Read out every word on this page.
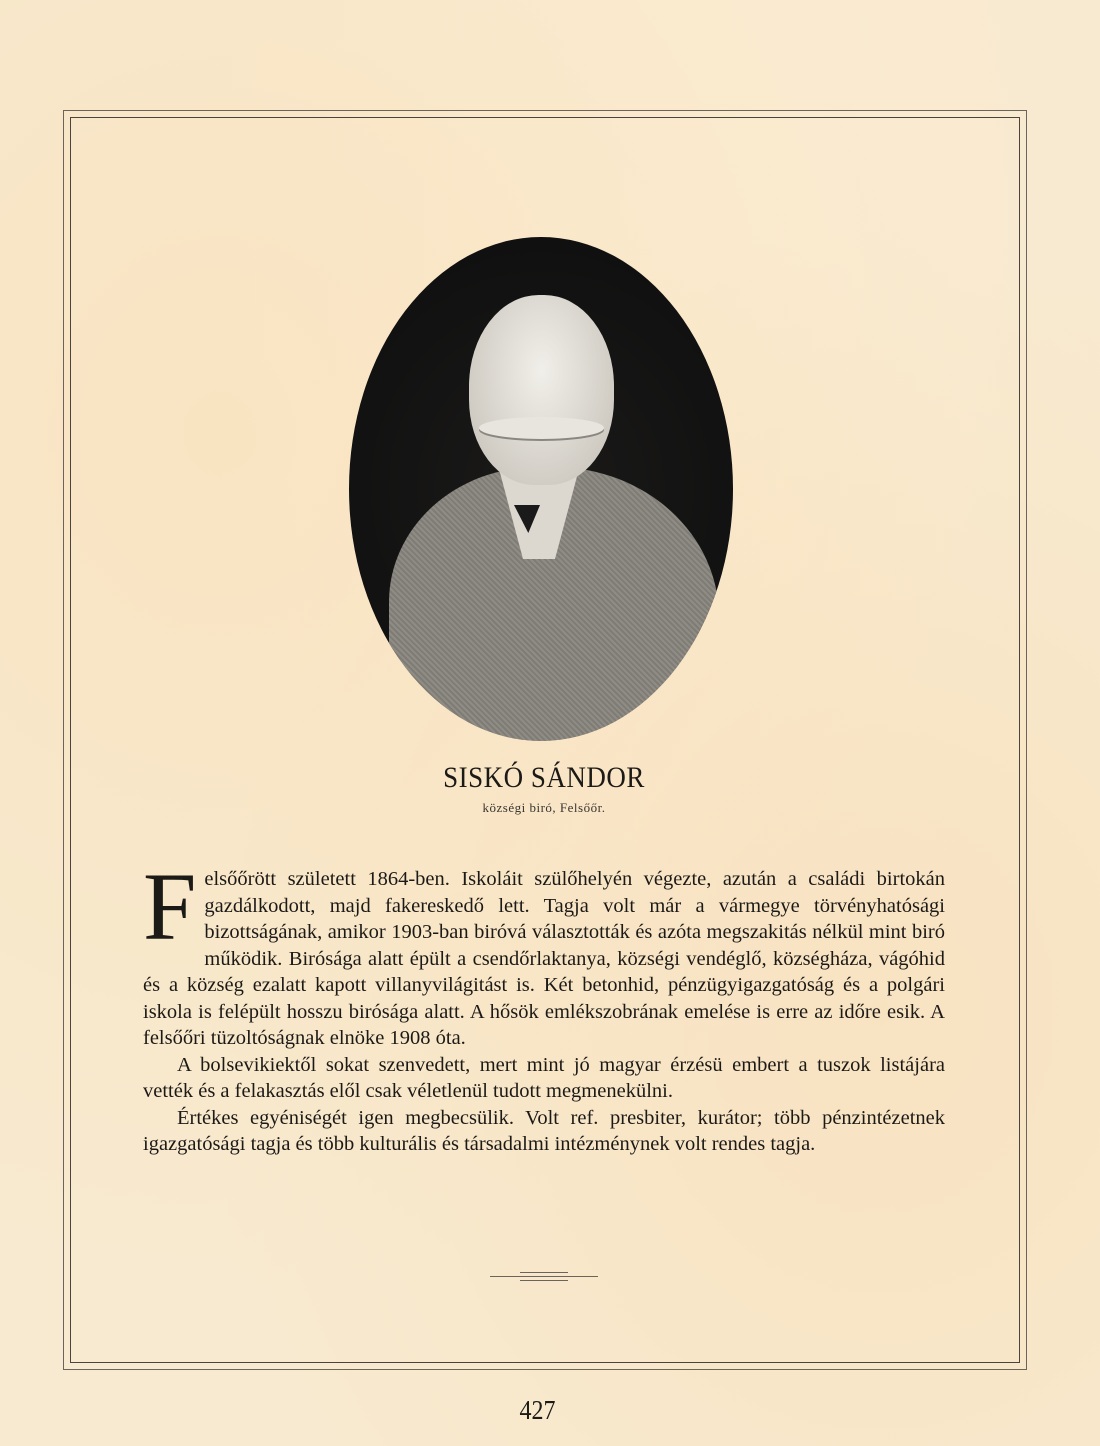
SISKÓ SÁNDOR
községi biró, Felsőőr.

Felsőőrött született 1864-ben. Iskoláit szülőhelyén végezte, azután a családi birtokán gazdálkodott, majd fakereskedő lett. Tagja volt már a vármegye törvényhatósági bizottságának, amikor 1903-ban biróvá választották és azóta megszakitás nélkül mint biró működik. Birósága alatt épült a csendőrlaktanya, községi vendéglő, községháza, vágóhid és a község ezalatt kapott villanyvilágitást is. Két betonhid, pénzügyigazgatóság és a polgári iskola is felépült hosszu birósága alatt. A hősök emlékszobrának emelése is erre az időre esik. A felsőőri tüzoltóságnak elnöke 1908 óta.

A bolsevikiektől sokat szenvedett, mert mint jó magyar érzésü embert a tuszok listájára vették és a felakasztás elől csak véletlenül tudott megmenekülni.

Értékes egyéniségét igen megbecsülik. Volt ref. presbiter, kurátor; több pénzintézetnek igazgatósági tagja és több kulturális és társadalmi intézménynek volt rendes tagja.

427
